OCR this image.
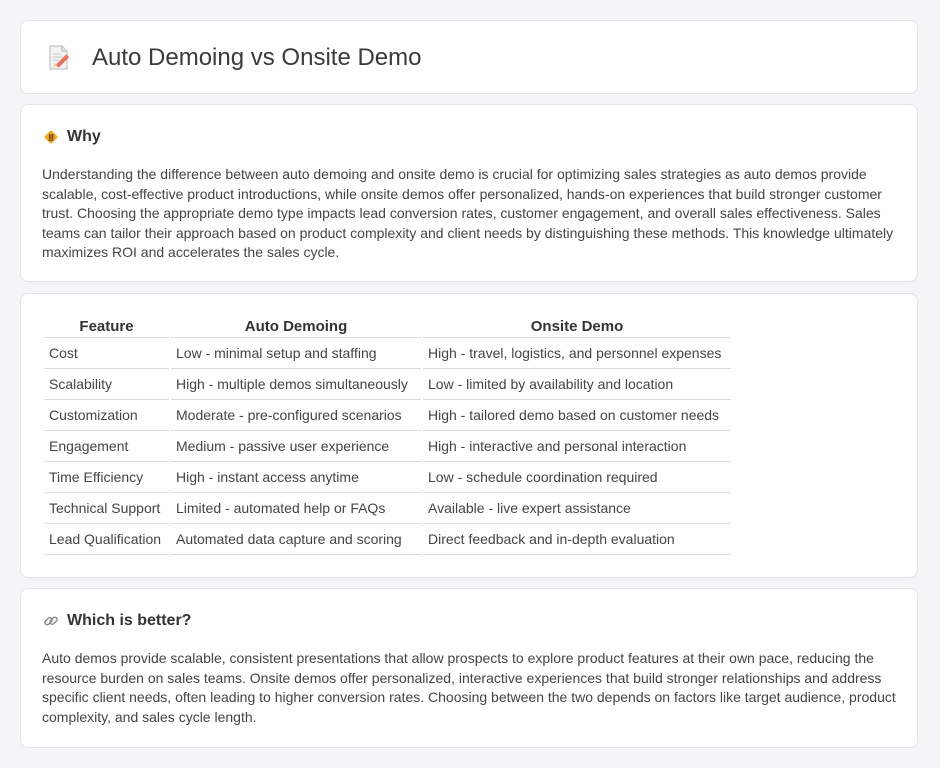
Auto Demoing vs Onsite Demo
Why

Understanding the difference between auto demoing and onsite demo is crucial for optimizing sales strategies as auto demos provide scalable, cost-effective product introductions, while onsite demos offer personalized, hands-on experiences that build stronger customer trust. Choosing the appropriate demo type impacts lead conversion rates, customer engagement, and overall sales effectiveness. Sales teams can tailor their approach based on product complexity and client needs by distinguishing these methods. This knowledge ultimately maximizes ROI and accelerates the sales cycle.

Feature	Auto Demoing	Onsite Demo
Cost	Low - minimal setup and staffing	High - travel, logistics, and personnel expenses
Scalability	High - multiple demos simultaneously	Low - limited by availability and location
Customization	Moderate - pre-configured scenarios	High - tailored demo based on customer needs
Engagement	Medium - passive user experience	High - interactive and personal interaction
Time Efficiency	High - instant access anytime	Low - schedule coordination required
Technical Support	Limited - automated help or FAQs	Available - live expert assistance
Lead Qualification	Automated data capture and scoring	Direct feedback and in-depth evaluation
Which is better?

Auto demos provide scalable, consistent presentations that allow prospects to explore product features at their own pace, reducing the resource burden on sales teams. Onsite demos offer personalized, interactive experiences that build stronger relationships and address specific client needs, often leading to higher conversion rates. Choosing between the two depends on factors like target audience, product complexity, and sales cycle length.
